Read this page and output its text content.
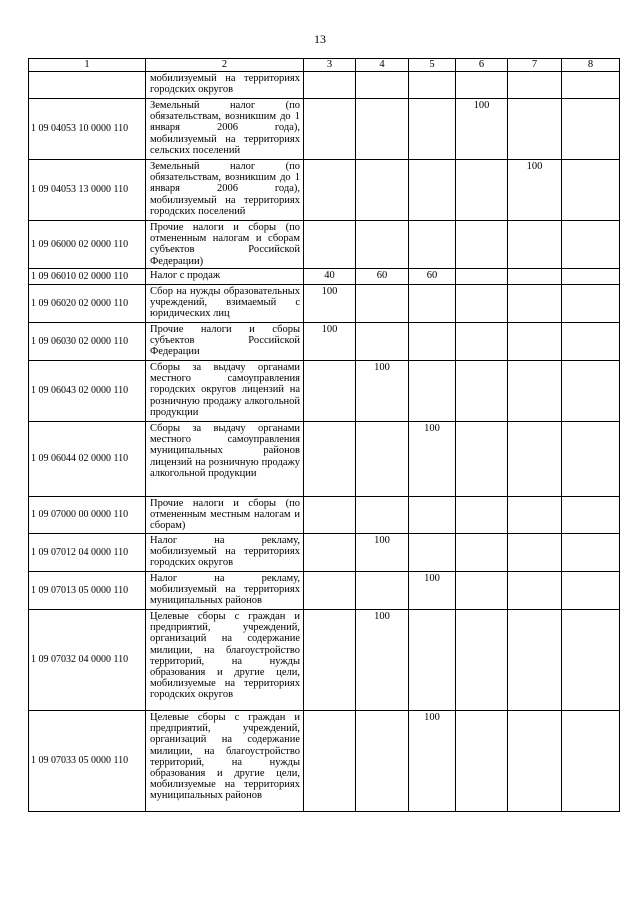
13
1	2	3	4	5	6	7	8
	мобилизуемый на территориях городских округов						
1 09 04053 10 0000 110	Земельный налог (по обязательствам, возникшим до 1 января 2006 года), мобилизуемый на территориях сельских поселений				100		
1 09 04053 13 0000 110	Земельный налог (по обязательствам, возникшим до 1 января 2006 года), мобилизуемый на территориях городских поселений					100	
1 09 06000 02 0000 110	Прочие налоги и сборы (по отмененным налогам и сборам субъектов Российской Федерации)						
1 09 06010 02 0000 110	Налог с продаж	40	60	60			
1 09 06020 02 0000 110	Сбор на нужды образовательных учреждений, взимаемый с юридических лиц	100					
1 09 06030 02 0000 110	Прочие налоги и сборы субъектов Российской Федерации	100					
1 09 06043 02 0000 110	Сборы за выдачу органами местного самоуправления городских округов лицензий на розничную продажу алкогольной продукции		100				
1 09 06044 02 0000 110	Сборы за выдачу органами местного самоуправления муниципальных районов лицензий на розничную продажу алкогольной продукции			100			
1 09 07000 00 0000 110	Прочие налоги и сборы (по отмененным местным налогам и сборам)						
1 09 07012 04 0000 110	Налог на рекламу, мобилизуемый на территориях городских округов		100				
1 09 07013 05 0000 110	Налог на рекламу, мобилизуемый на территориях муниципальных районов			100			
1 09 07032 04 0000 110	Целевые сборы с граждан и предприятий, учреждений, организаций на содержание милиции, на благоустройство территорий, на нужды образования и другие цели, мобилизуемые на территориях городских округов		100				
1 09 07033 05 0000 110	Целевые сборы с граждан и предприятий, учреждений, организаций на содержание милиции, на благоустройство территорий, на нужды образования и другие цели, мобилизуемые на территориях муниципальных районов			100			
